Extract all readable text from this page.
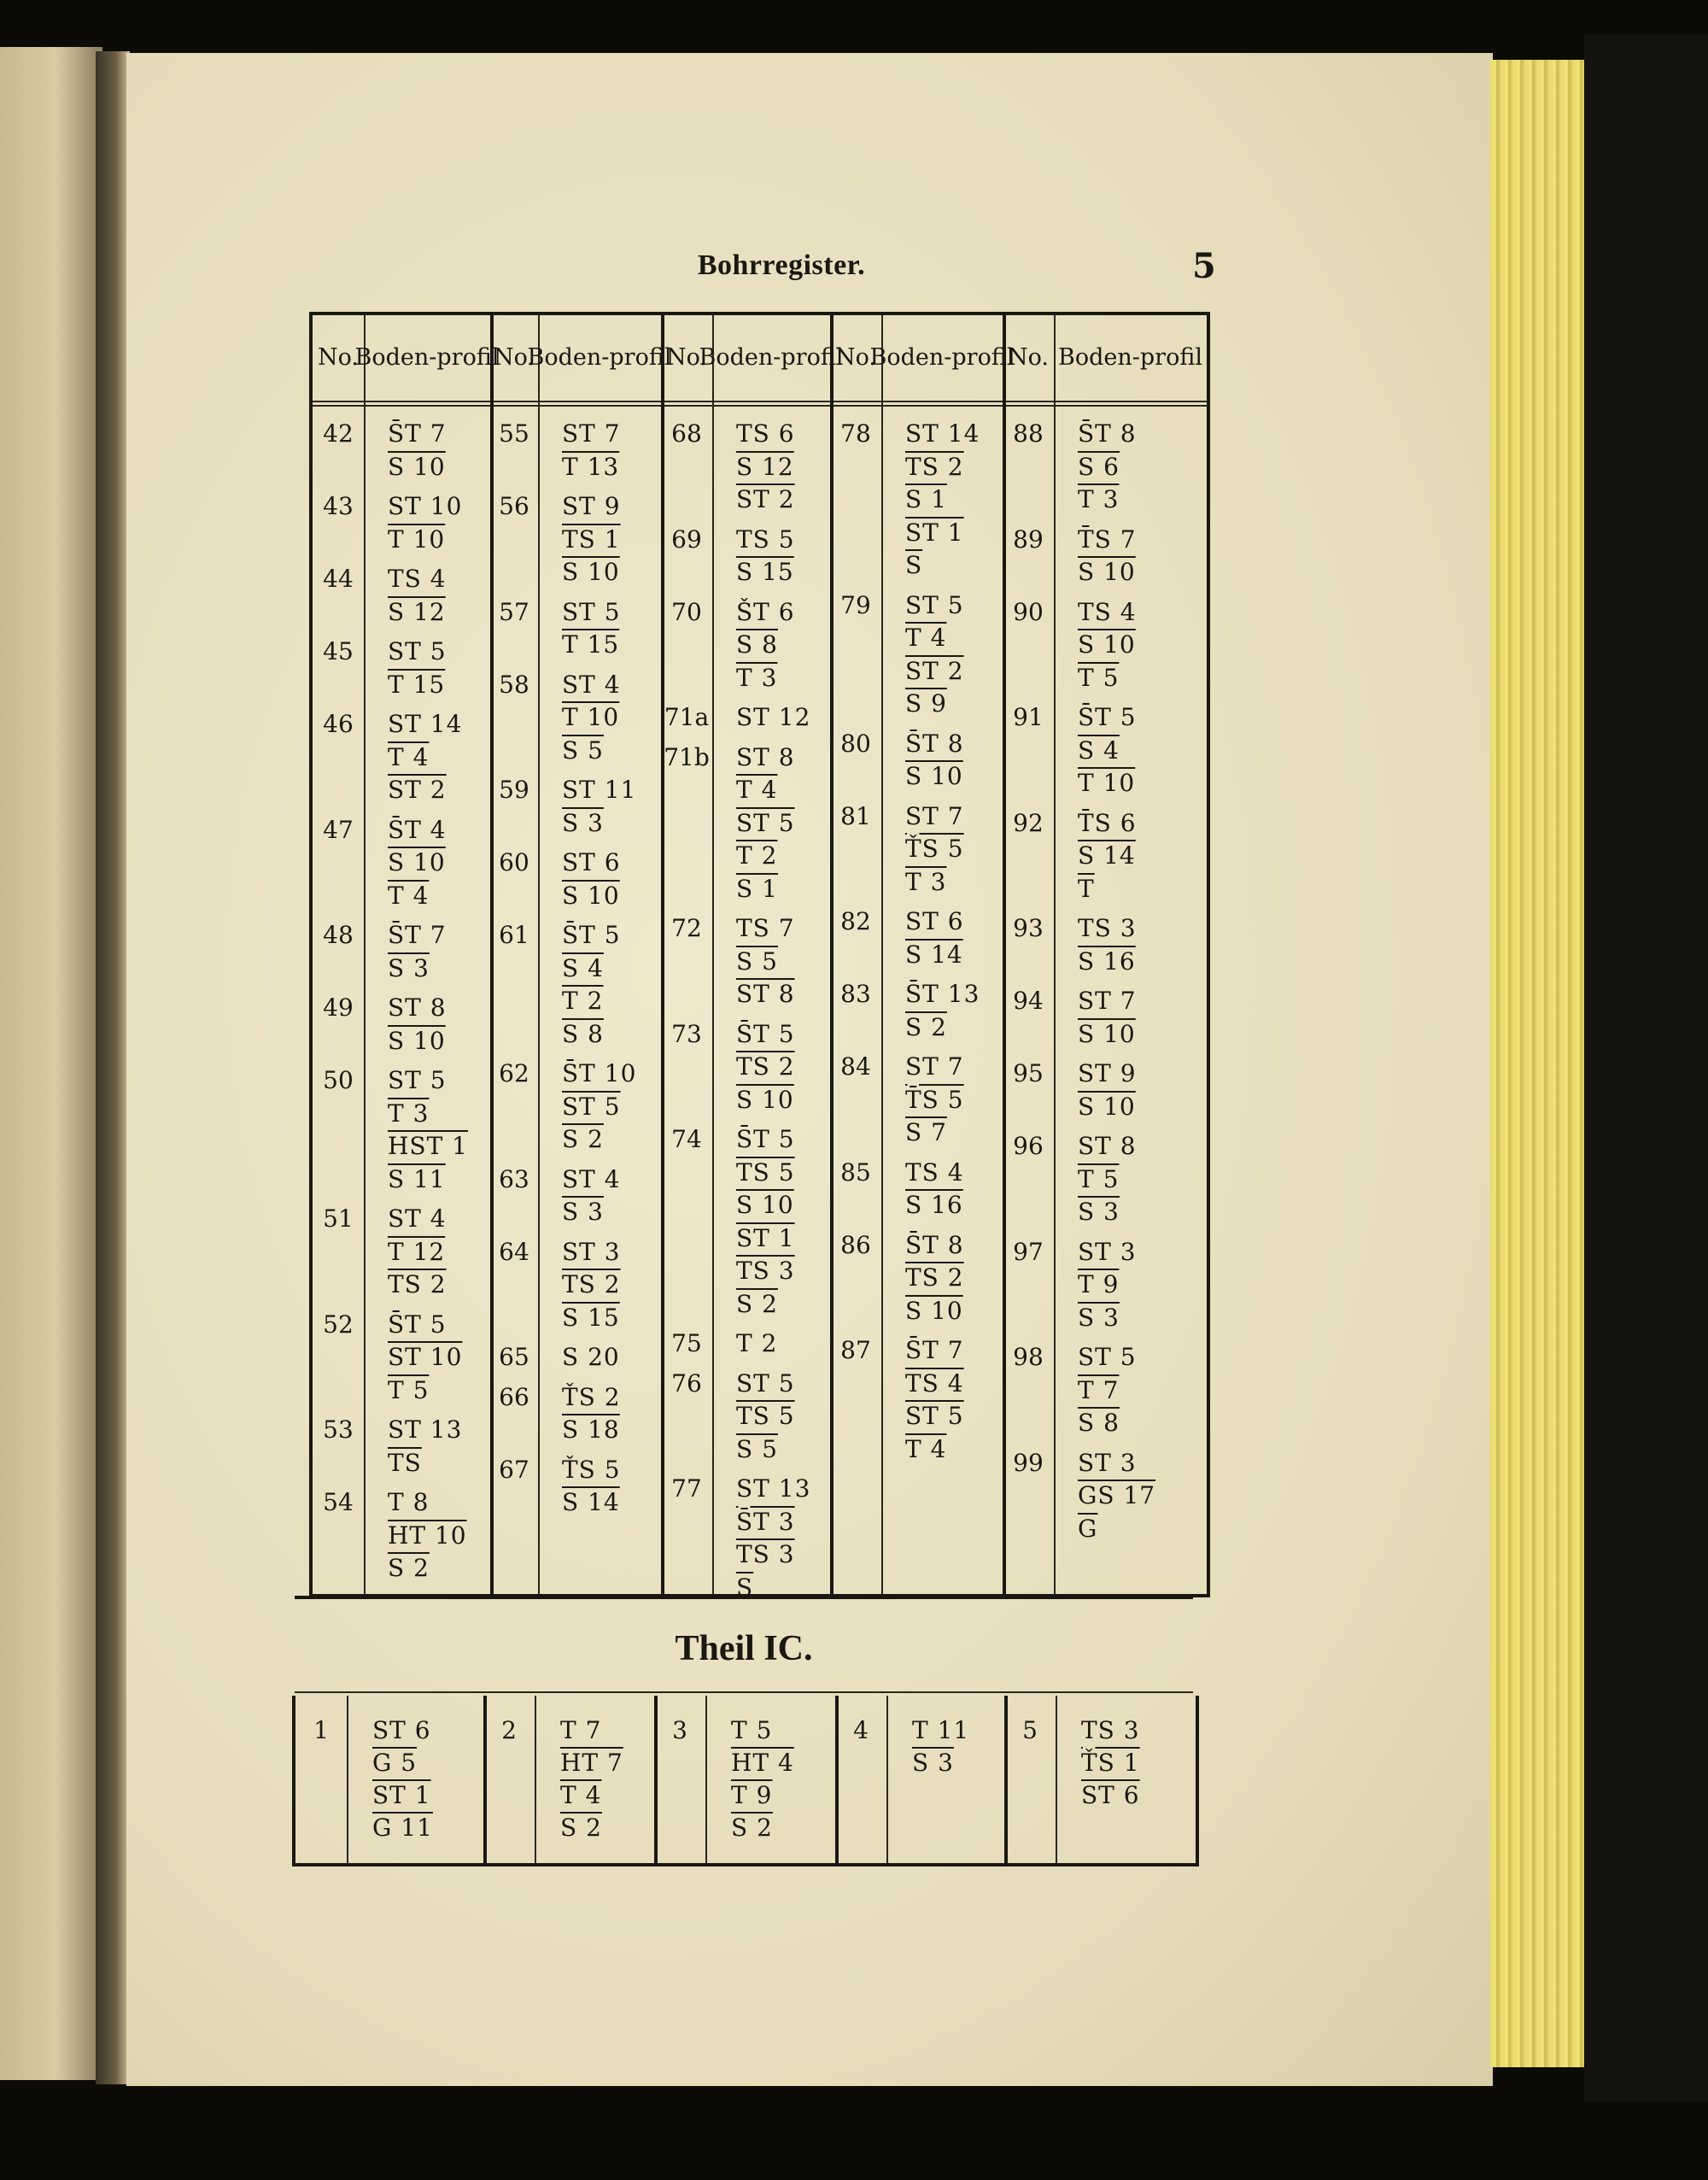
Bohrregister.	5
No.
Boden- profil
No.
Boden- profil
No.
Boden- profil
No.
Boden- profil
No. Boden- profil
42	S̄T 7
S 10
43	ST 10
T 10
44	TS 4
S 12
45	ST 5
T 15
46	ST 14
T 4
ST 2
47	S̄T 4
S 10
T 4
48	S̄T 7
S 3
49	ST 8
S 10
50	ST 5
T 3
HST 1
S 11
51	ST 4
T 12
TS 2
52	S̄T 5
ST 10
T 5
53	ST 13
$\overline{TS}$
54	T 8
HT 10
S 2
55	ST 7
T 13
56	ST 9
TS 1
S 10
57	ST 5
T 15
58	ST 4
T 10
S 5
59	ST 11
S 3
60	ST 6
S 10
61	S̄T 5
S 4
T 2
S 8
62	S̄T 10
ST 5
S 2
63	ST 4
S 3
64	ST 3
TS 2
S 15
65	S 20
66	ŤS 2
S 18
67	ŤS 5
S 14
68	TS 6
S 12
ST 2
69	TS 5
S 15
70	ŠT 6
S 8
T 3
71a ST 12
71b ST 8
T 4
ST 5
T 2
S 1
72	TS 7
S 5
ST 8
73	S̄T 5
TS 2
S 10
74	S̄T 5
TS 5
S 10
ST 1
TS 3
S 2
75	T 2
76	ST 5
TS 5
S 5
77	ST 13
S̄T 3
TS 3
$\overline{S}$
78	ST 14
TS 2
S 1
ST 1
$\overline{S}$
79	ST 5
T 4
ST 2
S 9
80	S̄T 8
S 10
81	ST 7
ŤS 5
T 3
82	ST 6
S 14
83	S̄T 13
S 2
84	ST 7
T̄S 5
S 7
85	TS 4
S 16
86	S̄T 8
TS 2
S 10
87	S̄T 7
TS 4
ST 5
T 4
88	S̄T 8
S 6
T 3
89	T̄S 7
S 10
90	TS 4
S 10
T 5
91	S̄T 5
S 4
T 10
92	T̄S 6
S 14
$\overline{T}$
93	TS 3
S 16
94	ST 7
S 10
95	ST 9
S 10
96	ST 8
T 5
S 3
97	ST 3
T 9
S 3
98	ST 5
T 7
S 8
99	ST 3
GS 17
$\overline{G}$
Theil IC.
1	ST 6
G 5
ST 1
G 11
2	T 7
HT 7
T 4
S 2
3	T 5
HT 4
T 9
S 2
4	T 11
S 3
5	TS 3
ŤS 1
ST 6
